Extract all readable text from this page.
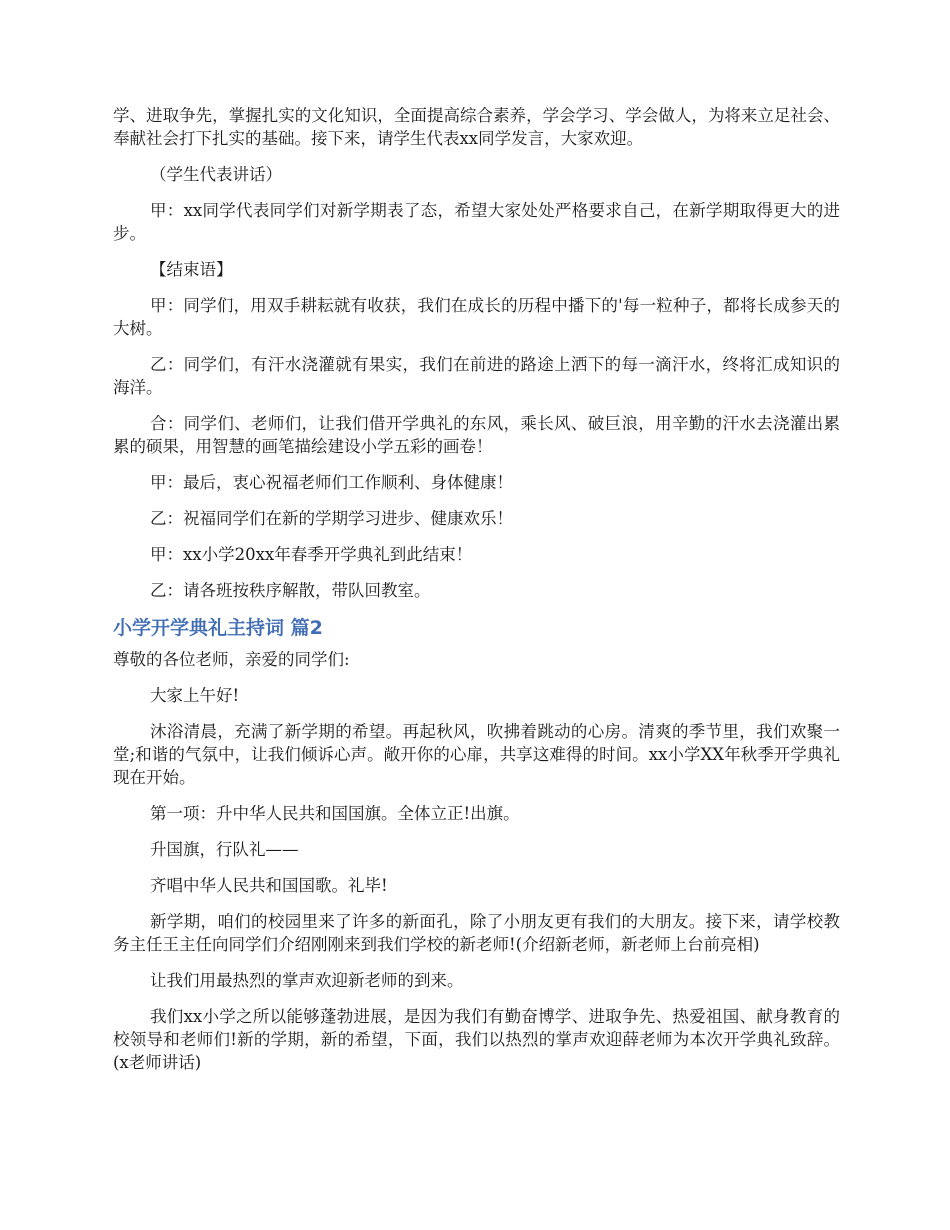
学、进取争先，掌握扎实的文化知识，全面提高综合素养，学会学习、学会做人，为将来立足社会、奉献社会打下扎实的基础。接下来，请学生代表xx同学发言，大家欢迎。

（学生代表讲话）

甲：xx同学代表同学们对新学期表了态，希望大家处处严格要求自己，在新学期取得更大的进步。

【结束语】

甲：同学们，用双手耕耘就有收获，我们在成长的历程中播下的'每一粒种子，都将长成参天的大树。

乙：同学们，有汗水浇灌就有果实，我们在前进的路途上洒下的每一滴汗水，终将汇成知识的海洋。

合：同学们、老师们，让我们借开学典礼的东风，乘长风、破巨浪，用辛勤的汗水去浇灌出累累的硕果，用智慧的画笔描绘建设小学五彩的画卷！

甲：最后，衷心祝福老师们工作顺利、身体健康！

乙：祝福同学们在新的学期学习进步、健康欢乐！

甲：xx小学20xx年春季开学典礼到此结束！

乙：请各班按秩序解散，带队回教室。

小学开学典礼主持词 篇2

尊敬的各位老师，亲爱的同学们:

大家上午好!

沐浴清晨，充满了新学期的希望。再起秋风，吹拂着跳动的心房。清爽的季节里，我们欢聚一堂;和谐的气氛中，让我们倾诉心声。敞开你的心扉，共享这难得的时间。xx小学XX年秋季开学典礼现在开始。

第一项：升中华人民共和国国旗。全体立正!出旗。

升国旗，行队礼——

齐唱中华人民共和国国歌。礼毕!

新学期，咱们的校园里来了许多的新面孔，除了小朋友更有我们的大朋友。接下来，请学校教务主任王主任向同学们介绍刚刚来到我们学校的新老师!(介绍新老师，新老师上台前亮相)

让我们用最热烈的掌声欢迎新老师的到来。

我们xx小学之所以能够蓬勃进展，是因为我们有勤奋博学、进取争先、热爱祖国、献身教育的校领导和老师们!新的学期，新的希望，下面，我们以热烈的掌声欢迎薛老师为本次开学典礼致辞。(x老师讲话)
